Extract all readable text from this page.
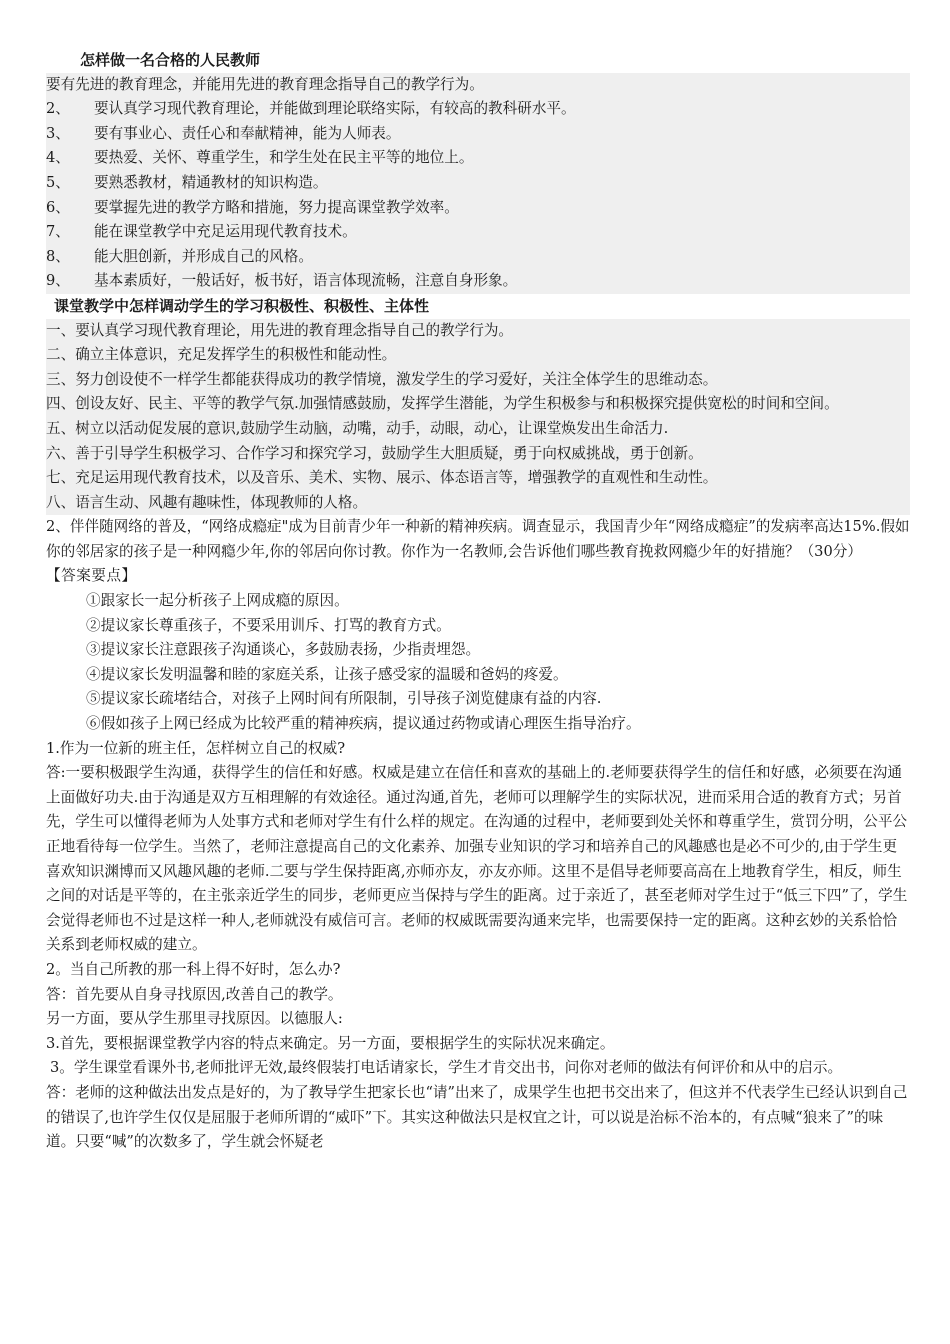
怎样做一名合格的人民教师
要有先进的教育理念，并能用先进的教育理念指导自己的教学行为。
2、 要认真学习现代教育理论，并能做到理论联络实际，有较高的教科研水平。
3、 要有事业心、责任心和奉献精神，能为人师表。
4、 要热爱、关怀、尊重学生，和学生处在民主平等的地位上。
5、 要熟悉教材，精通教材的知识构造。
6、 要掌握先进的教学方略和措施，努力提高课堂教学效率。
7、 能在课堂教学中充足运用现代教育技术。
8、 能大胆创新，并形成自己的风格。
9、 基本素质好，一般话好，板书好，语言体现流畅，注意自身形象。
课堂教学中怎样调动学生的学习积极性、积极性、主体性
一、要认真学习现代教育理论，用先进的教育理念指导自己的教学行为。
二、确立主体意识，充足发挥学生的积极性和能动性。
三、努力创设使不一样学生都能获得成功的教学情境，激发学生的学习爱好，关注全体学生的思维动态。
四、创设友好、民主、平等的教学气氛.加强情感鼓励，发挥学生潜能，为学生积极参与和积极探究提供宽松的时间和空间。
五、树立以活动促发展的意识,鼓励学生动脑，动嘴，动手，动眼，动心，让课堂焕发出生命活力.
六、善于引导学生积极学习、合作学习和探究学习，鼓励学生大胆质疑，勇于向权威挑战，勇于创新。
七、充足运用现代教育技术，以及音乐、美术、实物、展示、体态语言等，增强教学的直观性和生动性。
八、语言生动、风趣有趣味性，体现教师的人格。
2、伴伴随网络的普及，“网络成瘾症"成为目前青少年一种新的精神疾病。调查显示，我国青少年“网络成瘾症”的发病率高达15%.假如你的邻居家的孩子是一种网瘾少年,你的邻居向你讨教。你作为一名教师,会告诉他们哪些教育挽救网瘾少年的好措施？（30分）
【答案要点】
①跟家长一起分析孩子上网成瘾的原因。
②提议家长尊重孩子，不要采用训斥、打骂的教育方式。
③提议家长注意跟孩子沟通谈心，多鼓励表扬，少指责埋怨。
④提议家长发明温馨和睦的家庭关系，让孩子感受家的温暖和爸妈的疼爱。
⑤提议家长疏堵结合，对孩子上网时间有所限制，引导孩子浏览健康有益的内容.
⑥假如孩子上网已经成为比较严重的精神疾病，提议通过药物或请心理医生指导治疗。
1.作为一位新的班主任，怎样树立自己的权威?
答:一要积极跟学生沟通，获得学生的信任和好感。权威是建立在信任和喜欢的基础上的.老师要获得学生的信任和好感，必须要在沟通上面做好功夫.由于沟通是双方互相理解的有效途径。通过沟通,首先，老师可以理解学生的实际状况，进而采用合适的教育方式；另首先，学生可以懂得老师为人处事方式和老师对学生有什么样的规定。在沟通的过程中，老师要到处关怀和尊重学生，赏罚分明，公平公正地看待每一位学生。当然了，老师注意提高自己的文化素养、加强专业知识的学习和培养自己的风趣感也是必不可少的,由于学生更喜欢知识渊博而又风趣风趣的老师.二要与学生保持距离,亦师亦友，亦友亦师。这里不是倡导老师要高高在上地教育学生，相反，师生之间的对话是平等的，在主张亲近学生的同步，老师更应当保持与学生的距离。过于亲近了，甚至老师对学生过于“低三下四”了，学生会觉得老师也不过是这样一种人,老师就没有威信可言。老师的权威既需要沟通来完毕，也需要保持一定的距离。这种玄妙的关系恰恰关系到老师权威的建立。
2。当自己所教的那一科上得不好时，怎么办?
答：首先要从自身寻找原因,改善自己的教学。
另一方面，要从学生那里寻找原因。以德服人:
3.首先，要根据课堂教学内容的特点来确定。另一方面，要根据学生的实际状况来确定。
3。学生课堂看课外书,老师批评无效,最终假装打电话请家长，学生才肯交出书，问你对老师的做法有何评价和从中的启示。
答：老师的这种做法出发点是好的，为了教导学生把家长也“请”出来了，成果学生也把书交出来了，但这并不代表学生已经认识到自己的错误了,也许学生仅仅是屈服于老师所谓的“威吓”下。其实这种做法只是权宜之计，可以说是治标不治本的，有点喊“狼来了”的味道。只要“喊”的次数多了，学生就会怀疑老
